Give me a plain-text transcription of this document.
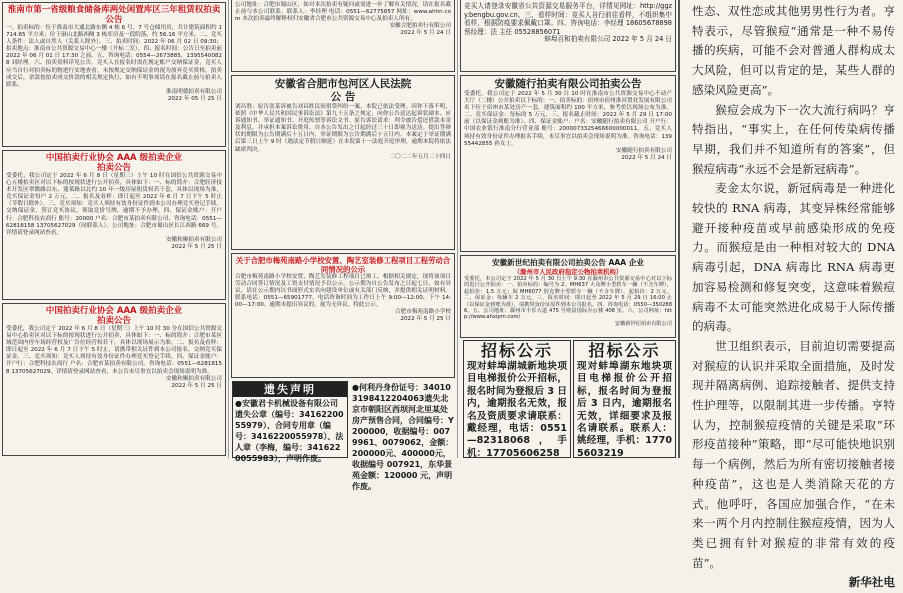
淮南市第一省级粮食储备库两处闲置库区三年租赁权拍卖公告
一、拍卖标的：位于淮南市大通北路东侧 4 栋 6 号、7 号仓储用房，共计建筑面积约 1714.65 平方米；位于洞山北路西侧 3 栋库房及一段院落，约 56.16 平方米。二、竞买人条件：法人或自然人（关系人除外）。三、拍卖时间：2022 年 06 月 02 日 09:30；拍卖地点：淮南市公共资源交易中心一楼（开标二室）。四、报名时间：公告日至拍卖前 2022 年 06 月 01 日 17:30 之前。五、咨询电话：0554—2673885，13955400828 刘经理。六、拍卖资料详见公告。竞买人在报名时需在规定账户交纳保证金，竞买人应当自行对拍卖标的物进行实地查看。未按规定交纳保证金的视为放弃竞买资格，拍卖成交后，余款按拍卖成交价款的相关规定执行，如有不明事项请在报名截止前与拍卖人联系。
淮南明德拍卖有限公司
2022 年 05 月 25 日
中国拍卖行业协会 AAA 级拍卖企业
拍卖公告
受委托，我公司定于 2022 年 6 月 8 日（星期三）上午 10 时在国信公共资源交易中心五楼拍卖区对以下标的按现状进行公开拍卖，具体如下：一、标的简介：合肥经济技术开发区翠微路以东，蓬莱路以北约 10 年一级房屋租赁权若干套，具体以现场为准，竞买保证金每户 2 万元。二、报名及看样：即日起至 2022 年 6 月 7 日下午 5 时止（节假日除外）。三、竞买须知：竞买人须持有效身份证件到本公司办理竞买登记手续，交纳保证金，签订竞买协议，领取竞价号牌，逾期不予办理。四、保证金账户：开户行：合肥科技农商行 账号：20000 户名：合肥市某拍卖有限公司。咨询电话：0551—62818158 13705627029（同联系人）。公司地址：合肥市蜀山区长江西路 669 号。详情请登录网站查看。
安徽和顺拍卖有限公司
2022 年 5 月 25 日
中国拍卖行业协会 AAA 级拍卖企业
拍卖公告
受委托，我公司定于 2022 年 6 月 8 日（星期三）上午 10 时 30 分在国信公共资源交易中心拍卖区对以下标的按现状进行公开拍卖，具体如下：一、标的简介：合肥市某区域范围内停车场经营权及广告位经营权若干，具体以现场展示为准。二、报名及看样：即日起至 2022 年 6 月 7 日下午 5 时止，请携带相关证件到本公司报名，交纳竞买保证金。三、竞买须知：竞买人须持有效身份证件办理竞买登记手续。四、保证金账户：开户行：合肥科技农商行 户名：合肥市某拍卖有限公司。咨询电话：0551—62818158 13705627029。详情请登录网站查看，本公告未尽事宜以拍卖会现场说明为准。
安徽和顺拍卖有限公司
2022 年 5 月 25 日
公司地址：合肥市蜀山区，如对本次拍卖有疑问或需进一步了解有关情况，请在报名截止前与本公司联系。联系人：李经理 电话：0551—62775857 网址：www.ahhn.com 本次拍卖最终解释权归安徽省合肥市公共资源交易中心及拍卖人所有。
安徽合肥拍卖行有限公司
2022 年 5 月 24 日
安徽省合肥市包河区人民法院
公 告
刘昌胜：原告张某诉被告刘昌胜民间借贷纠纷一案，本院已依法受理。因你下落不明，依照《中华人民共和国民事诉讼法》第九十五条之规定，向你公告送达起诉状副本、应诉通知书、举证通知书、开庭传票等诉讼文书。原告诉讼请求：判令被告偿还借款本金及利息，并承担本案诉讼费用。自本公告发出之日起经过三十日即视为送达。提出答辩状的期限为公告期满后十五日内，举证期限为公告期满后十五日内。本案定于举证期满后第三日上午 9 时（遇法定节假日顺延）在本院第十一法庭开庭审理，逾期本院将依法缺席判决。
二〇二二年五月二十四日
关于合肥市梅苑南路小学校安置、陶艺室装修工程项目工程劳动合同情况的公示
合肥市梅苑南路小学校安置、陶艺室装修工程项目已竣工，根据相关规定，现将该项目劳动合同签订情况及工资支付情况予以公示。公示期为自公告发布之日起七日，如有异议，请在公示期内以书面形式实名向建设单位或有关部门反映，并提供相关证明材料。联系电话：0551—65901777，电话咨询时间为工作日上午 9:00—12:00，下午 14:00—17:00。逾期未提出异议的，视为无异议。特此公示。
合肥市梅苑南路小学校
2022 年 5 月 25 日
遗失声明
●安徽君卡机械设备有限公司遗失公章（编号：3416220055979）、合同专用章（编号：3416220055978）、法人章（李梅，编号：3416220055983），声明作废。
●何利丹身份证号：340103198412204063遗失北京市朝阳区西坝河北里某处房产预售合同，合同编号：Y200000，收据编号：0079961、0079062，金额：200000元、400000元，收据编号 007921，东华景苑金额：120000 元，声明作废。
竞买人请登录安徽省公共资源交易服务平台，详情见网址：http://ggzy.bengbu.gov.cn。三、看样时间：竞买人自行前往看样，不组织集中看样，根据防疫要求佩戴口罩。四、咨询电话：李经理 18605678898 蔡经理：法 主任 05528856071
蚌埠百和拍卖有限公司 2022 年 5 月 24 日
安徽随行拍卖有限公司拍卖公告
受委托，我公司定于 2022 年 5 月 30 日 10 时在淮南市公共资源交易中心不动产大厅（二楼）公开拍卖以下标的：一、拍卖标的：宿州市宿州淮河置业发展有限公司名下位于宿州市某处房产一套，建筑面积约 100 平方米，参考价以现场公布为准。二、竞买保证金：每标的 5 万元。三、报名截止时间：2022 年 5 月 29 日 17:00 前（以保证金到账为准）。四、保证金账户：户名：安徽随行拍卖有限公司 开户行：中国农业银行淮南分行营业部 账号：2000073325466600000011。五、竞买人须持有效身份证件办理报名手续，未尽事宜以拍卖会现场说明为准。咨询电话：13955442855 孙女士。
安徽随行拍卖有限公司
2022 年 5 月 24 日
安徽新世纪拍卖有限公司拍卖公告 AAA 企业
（滁州市人民政府指定公物拍卖机构）
受委托，本公司定于 2022 年 5 月 30 日上午 9:30 在滁州市公共资源交易中心对以下标的进行公开拍卖：一、拍卖标的：编号为 2、MH637 大众牌小型轿车一辆（不含车牌），起拍价：1.5 万元；皖 MH6077 别克牌小型轿车一辆（不含车牌），起拍价：2 万元。二、保证金：每辆车 2 万元。三、报名时间：即日起至 2022 年 5 月 29 日 16:00 止（以保证金到账为准），请携带身份证原件到本公司报名。四、咨询电话：0550—3502886。五、公司地址：滁州市丰乐大道 475 号财富国际办公楼 408 室。六、公司网址：http://www.ahxipm.com/
安徽新世纪拍卖有限公司
招标公示
现对蚌埠湖城新地块项目电梯报价公开招标，报名时间为登报后 3 日内，逾期报名无效，报名及资质要求请联系：戴经理，电话：0551—82318068，手机：17705606258
招标公示
现对蚌埠湖东地块项目电梯报价公开招标，报名时间为登报后 3 日内，逾期报名无效，详细要求及报名请联系。联系人：姚经理，手机：17705603219

性态、双性恋或其他男男性行为者。亨特表示，尽管猴痘“通常是一种不易传播的疾病，可能不会对普通人群构成太大风险，但可以肯定的是，某些人群的感染风险更高”。

猴痘会成为下一次大流行病吗？亨特指出，“事实上，在任何传染病传播早期，我们并不知道所有的答案”，但猴痘病毒“永远不会是新冠病毒”。

麦金太尔说，新冠病毒是一种进化较快的 RNA 病毒，其变异株经常能够避开接种疫苗或早前感染形成的免疫力。而猴痘是由一种相对较大的 DNA 病毒引起，DNA 病毒比 RNA 病毒更加容易检测和修复突变，这意味着猴痘病毒不太可能突然进化成易于人际传播的病毒。

世卫组织表示，目前迫切需要提高对猴痘的认识并采取全面措施，及时发现并隔离病例、追踪接触者、提供支持性护理等，以限制其进一步传播。亨特认为，控制猴痘疫情的关键是采取“环形疫苗接种”策略，即“尽可能快地识别每一个病例，然后为所有密切接触者接种疫苗”，这也是人类消除天花的方式。他呼吁，各国应加强合作，“在未来一两个月内控制住猴痘疫情，因为人类已拥有针对猴痘的非常有效的疫苗”。

新华社电
